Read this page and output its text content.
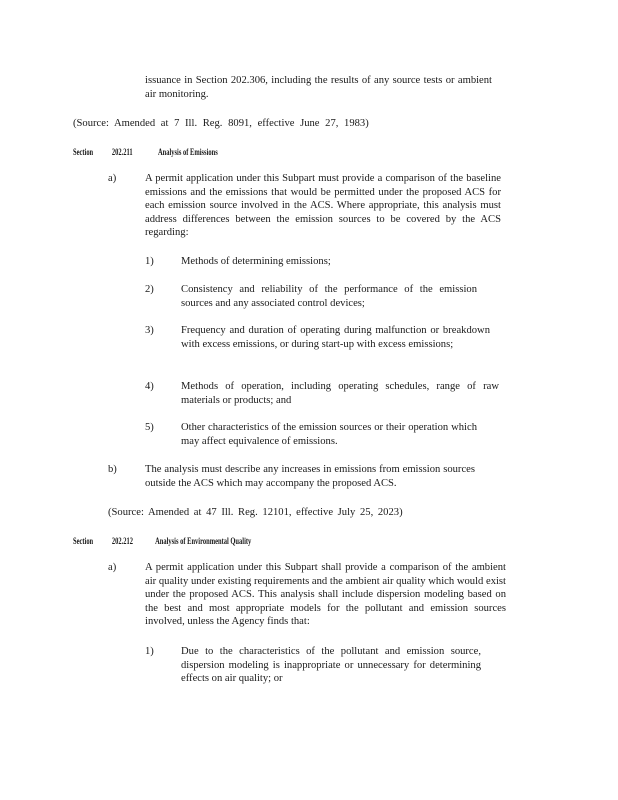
issuance in Section 202.306, including the results of any source tests or ambient air monitoring.

(Source: Amended at 7 Ill. Reg. 8091, effective June 27, 1983)

Section 202.211	Analysis of Emissions

a)	A permit application under this Subpart must provide a comparison of the baseline emissions and the emissions that would be permitted under the proposed ACS for each emission source involved in the ACS. Where appropriate, this analysis must address differences between the emission sources to be covered by the ACS regarding:

1)	Methods of determining emissions;

2)	Consistency and reliability of the performance of the emission sources and any associated control devices;

3)	Frequency and duration of operating during malfunction or breakdown with excess emissions, or during start-up with excess emissions;

4)	Methods of operation, including operating schedules, range of raw materials or products; and

5)	Other characteristics of the emission sources or their operation which may affect equivalence of emissions.

b)	The analysis must describe any increases in emissions from emission sources outside the ACS which may accompany the proposed ACS.

(Source: Amended at 47 Ill. Reg. 12101, effective July 25, 2023)

Section 202.212 Analysis of Environmental Quality

a)	A permit application under this Subpart shall provide a comparison of the ambient air quality under existing requirements and the ambient air quality which would exist under the proposed ACS. This analysis shall include dispersion modeling based on the best and most appropriate models for the pollutant and emission sources involved, unless the Agency finds that:

1)	Due to the characteristics of the pollutant and emission source, dispersion modeling is inappropriate or unnecessary for determining effects on air quality; or
